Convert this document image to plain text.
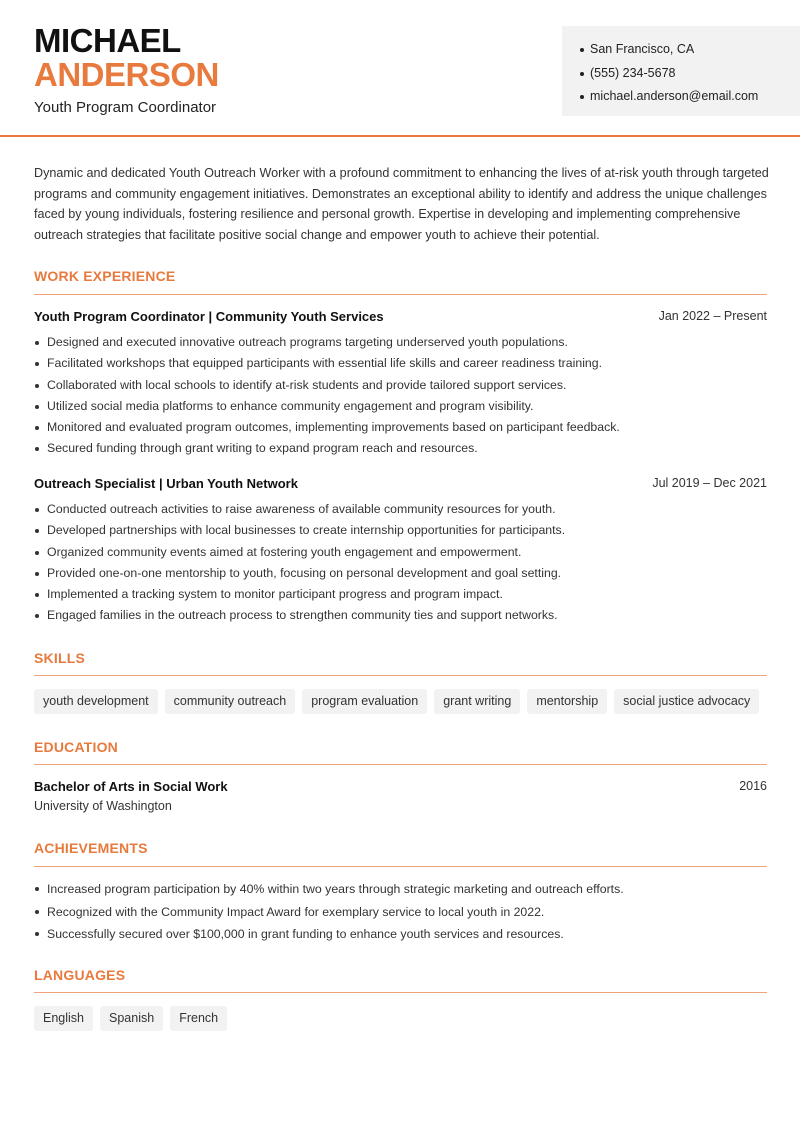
MICHAEL
ANDERSON
Youth Program Coordinator
San Francisco, CA
(555) 234-5678
michael.anderson@email.com

Dynamic and dedicated Youth Outreach Worker with a profound commitment to enhancing the lives of at-risk youth through targeted programs and community engagement initiatives. Demonstrates an exceptional ability to identify and address the unique challenges faced by young individuals, fostering resilience and personal growth. Expertise in developing and implementing comprehensive outreach strategies that facilitate positive social change and empower youth to achieve their potential.

WORK EXPERIENCE
Youth Program Coordinator | Community Youth Services	Jan 2022 – Present
Designed and executed innovative outreach programs targeting underserved youth populations.
Facilitated workshops that equipped participants with essential life skills and career readiness training.
Collaborated with local schools to identify at-risk students and provide tailored support services.
Utilized social media platforms to enhance community engagement and program visibility.
Monitored and evaluated program outcomes, implementing improvements based on participant feedback.
Secured funding through grant writing to expand program reach and resources.
Outreach Specialist | Urban Youth Network	Jul 2019 – Dec 2021
Conducted outreach activities to raise awareness of available community resources for youth.
Developed partnerships with local businesses to create internship opportunities for participants.
Organized community events aimed at fostering youth engagement and empowerment.
Provided one-on-one mentorship to youth, focusing on personal development and goal setting.
Implemented a tracking system to monitor participant progress and program impact.
Engaged families in the outreach process to strengthen community ties and support networks.
SKILLS
youth development	community outreach	program evaluation	grant writing	mentorship	social justice advocacy
EDUCATION
Bachelor of Arts in Social Work	2016
University of Washington
ACHIEVEMENTS
Increased program participation by 40% within two years through strategic marketing and outreach efforts.
Recognized with the Community Impact Award for exemplary service to local youth in 2022.
Successfully secured over $100,000 in grant funding to enhance youth services and resources.
LANGUAGES
English	Spanish	French
